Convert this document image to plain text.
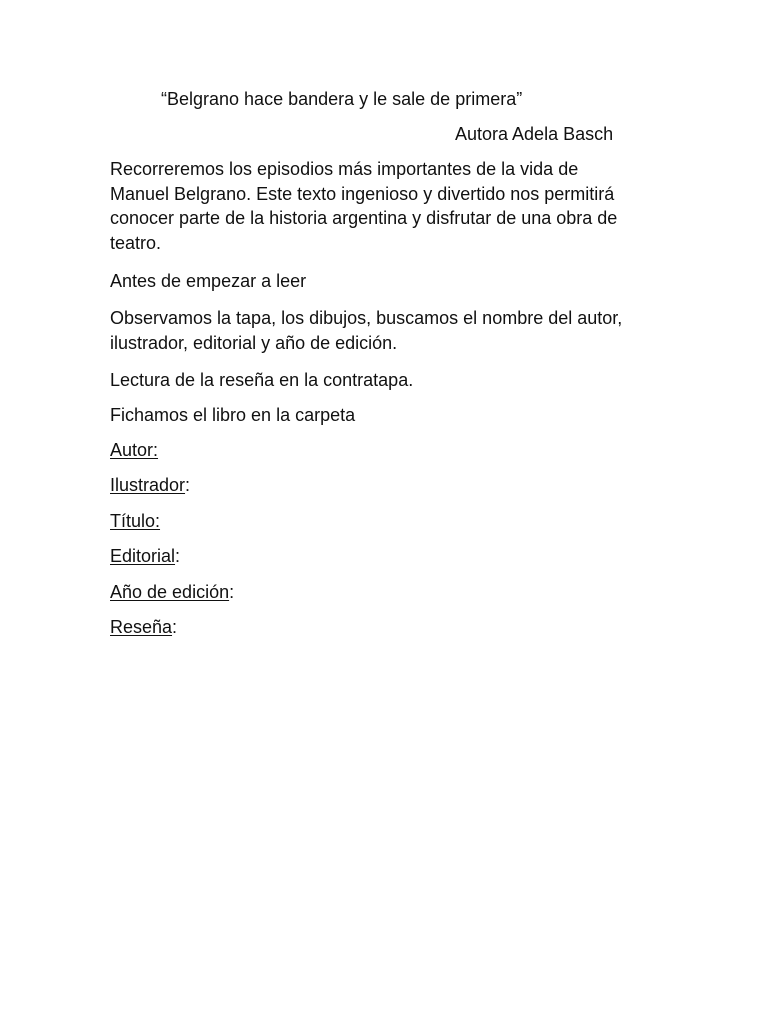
“Belgrano hace bandera y le sale de primera”
Autora Adela Basch
Recorreremos los episodios más importantes de la vida de
Manuel Belgrano. Este texto ingenioso y divertido nos permitirá
conocer parte de la historia argentina y disfrutar de una obra de
teatro.
Antes de empezar a leer
Observamos la tapa, los dibujos, buscamos el nombre del autor,
ilustrador, editorial y año de edición.
Lectura de la reseña en la contratapa.
Fichamos el libro en la carpeta
Autor:
Ilustrador:
Título:
Editorial:
Año de edición:
Reseña:
